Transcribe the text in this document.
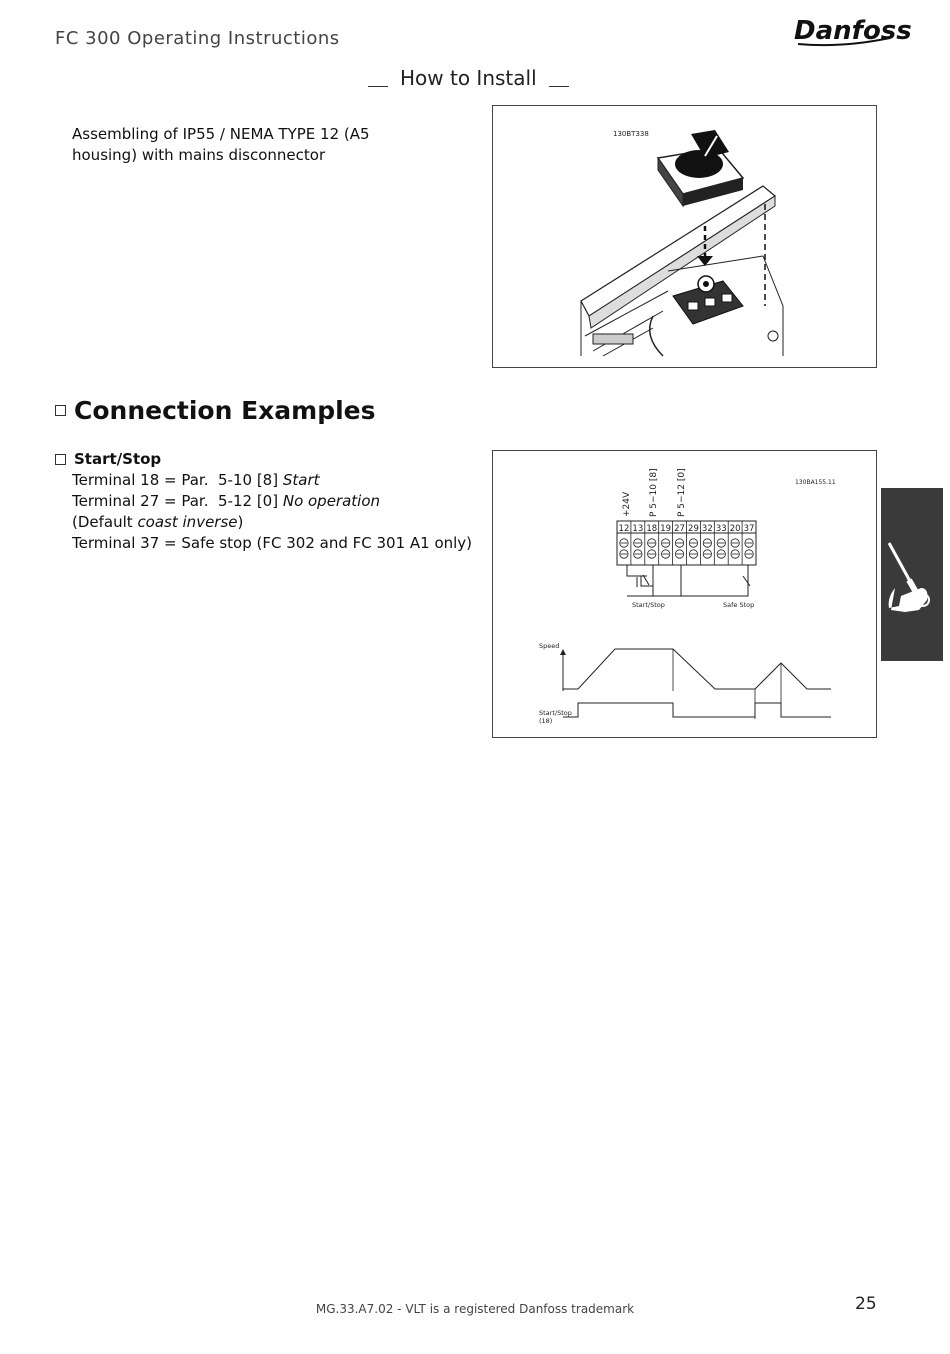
FC 300 Operating Instructions	Danfoss
How to Install
Assembling of IP55 / NEMA TYPE 12 (A5
housing) with mains disconnector
130BT338
Connection Examples
Start/Stop
Terminal 18 = Par.  5-10 [8] Start
Terminal 27 = Par.  5-12 [0] No operation
(Default coast inverse)
Terminal 37 = Safe stop (FC 302 and FC 301 A1 only)
130BA155.11
+24V P 5−10 [8] P 5−12 [0]
12 13 18 19 27 29 32 33 20 37
Start/Stop	Safe Stop
Speed
Start/Stop
(18)
MG.33.A7.02 - VLT is a registered Danfoss trademark	25
